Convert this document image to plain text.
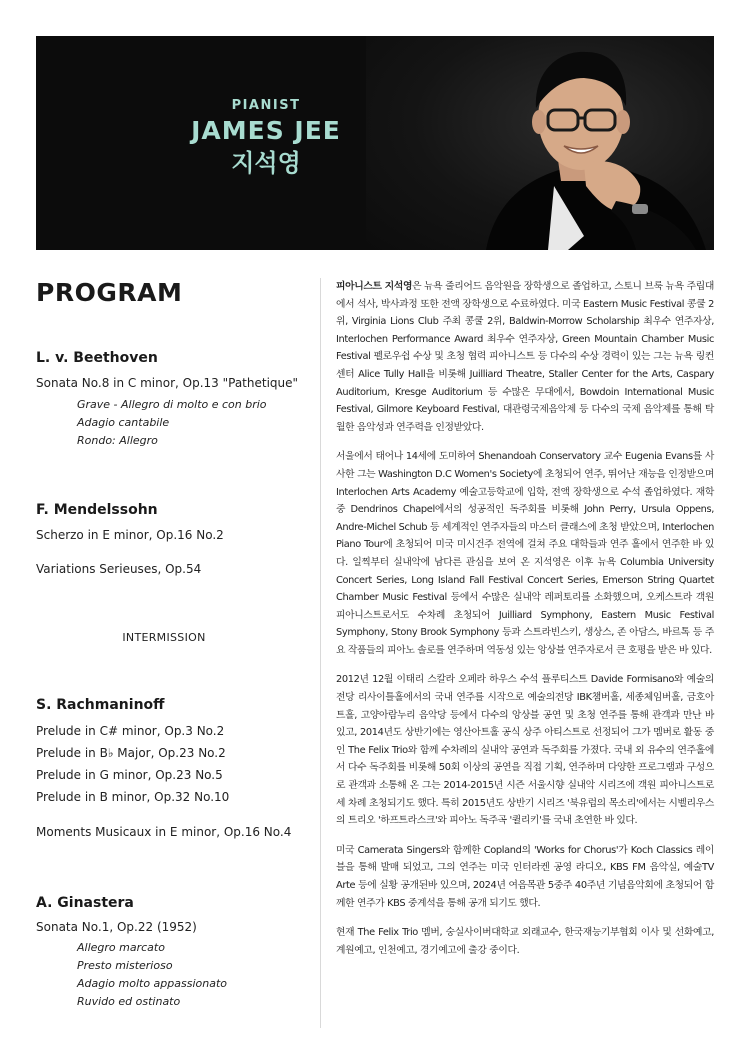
PIANIST
JAMES JEE
지석영
PROGRAM
L. v. Beethoven
Sonata No.8 in C minor, Op.13 "Pathetique"
Grave - Allegro di molto e con brio
Adagio cantabile
Rondo: Allegro
F. Mendelssohn
Scherzo in E minor, Op.16 No.2
Variations Serieuses, Op.54
INTERMISSION
S. Rachmaninoff
Prelude in C# minor, Op.3 No.2
Prelude in B♭ Major, Op.23 No.2
Prelude in G minor, Op.23 No.5
Prelude in B minor, Op.32 No.10
Moments Musicaux in E minor, Op.16 No.4
A. Ginastera
Sonata No.1, Op.22 (1952)
Allegro marcato
Presto misterioso
Adagio molto appassionato
Ruvido ed ostinato

피아니스트 지석영은 뉴욕 줄리어드 음악원을 장학생으로 졸업하고, 스토니 브룩 뉴욕 주립대에서 석사, 박사과정 또한 전액 장학생으로 수료하였다. 미국 Eastern Music Festival 콩쿨 2위, Virginia Lions Club 주최 콩쿨 2위, Baldwin-Morrow Scholarship 최우수 연주자상, Interlochen Performance Award 최우수 연주자상, Green Mountain Chamber Music Festival 펠로우쉽 수상 및 초청 협력 피아니스트 등 다수의 수상 경력이 있는 그는 뉴욕 링컨 센터 Alice Tully Hall을 비롯해 Juilliard Theatre, Staller Center for the Arts, Caspary Auditorium, Kresge Auditorium 등 수많은 무대에서, Bowdoin International Music Festival, Gilmore Keyboard Festival, 대관령국제음악제 등 다수의 국제 음악제를 통해 탁월한 음악성과 연주력을 인정받았다.

서울에서 태어나 14세에 도미하여 Shenandoah Conservatory 교수 Eugenia Evans를 사사한 그는 Washington D.C Women's Society에 초청되어 연주, 뛰어난 재능을 인정받으며 Interlochen Arts Academy 예술고등학교에 입학, 전액 장학생으로 수석 졸업하였다. 재학 중 Dendrinos Chapel에서의 성공적인 독주회를 비롯해 John Perry, Ursula Oppens, Andre-Michel Schub 등 세계적인 연주자들의 마스터 클래스에 초청 받았으며, Interlochen Piano Tour에 초청되어 미국 미시건주 전역에 걸쳐 주요 대학들과 연주 홀에서 연주한 바 있다. 일찍부터 실내악에 남다른 관심을 보여 온 지석영은 이후 뉴욕 Columbia University Concert Series, Long Island Fall Festival Concert Series, Emerson String Quartet Chamber Music Festival 등에서 수많은 실내악 레퍼토리를 소화했으며, 오케스트라 객원 피아니스트로서도 수차례 초청되어 Juilliard Symphony, Eastern Music Festival Symphony, Stony Brook Symphony 등과 스트라빈스키, 생상스, 존 아담스, 바르톡 등 주요 작품들의 피아노 솔로를 연주하며 역동성 있는 앙상블 연주자로서 큰 호평을 받은 바 있다.

2012년 12월 이태리 스칼라 오페라 하우스 수석 플루티스트 Davide Formisano와 예술의전당 리사이틀홀에서의 국내 연주를 시작으로 예술의전당 IBK챔버홀, 세종체임버홀, 금호아트홀, 고양아람누리 음악당 등에서 다수의 앙상블 공연 및 초청 연주를 통해 관객과 만난 바 있고, 2014년도 상반기에는 영산아트홀 공식 상주 아티스트로 선정되어 그가 멤버로 활동 중인 The Felix Trio와 함께 수차례의 실내악 공연과 독주회를 가졌다. 국내 외 유수의 연주홀에서 다수 독주회를 비롯해 50회 이상의 공연을 직접 기획, 연주하며 다양한 프로그램과 구성으로 관객과 소통해 온 그는 2014-2015년 시즌 서울시향 실내악 시리즈에 객원 피아니스트로 세 차례 초청되기도 했다. 특히 2015년도 상반기 시리즈 '북유럽의 목소리'에서는 시벨리우스의 트리오 '하프트라스크'와 피아노 독주곡 '퀼리키'를 국내 초연한 바 있다.

미국 Camerata Singers와 함께한 Copland의 'Works for Chorus'가 Koch Classics 레이블을 통해 발매 되었고, 그의 연주는 미국 인터라켄 공영 라디오, KBS FM 음악실, 예술TV Arte 등에 실황 공개된바 있으며, 2024년 여음목관 5중주 40주년 기념음악회에 초청되어 함께한 연주가 KBS 중계석을 통해 공개 되기도 했다.

현재 The Felix Trio 멤버, 숭실사이버대학교 외래교수, 한국재능기부협회 이사 및 선화예고, 계원예고, 인천예고, 경기예고에 출강 중이다.
